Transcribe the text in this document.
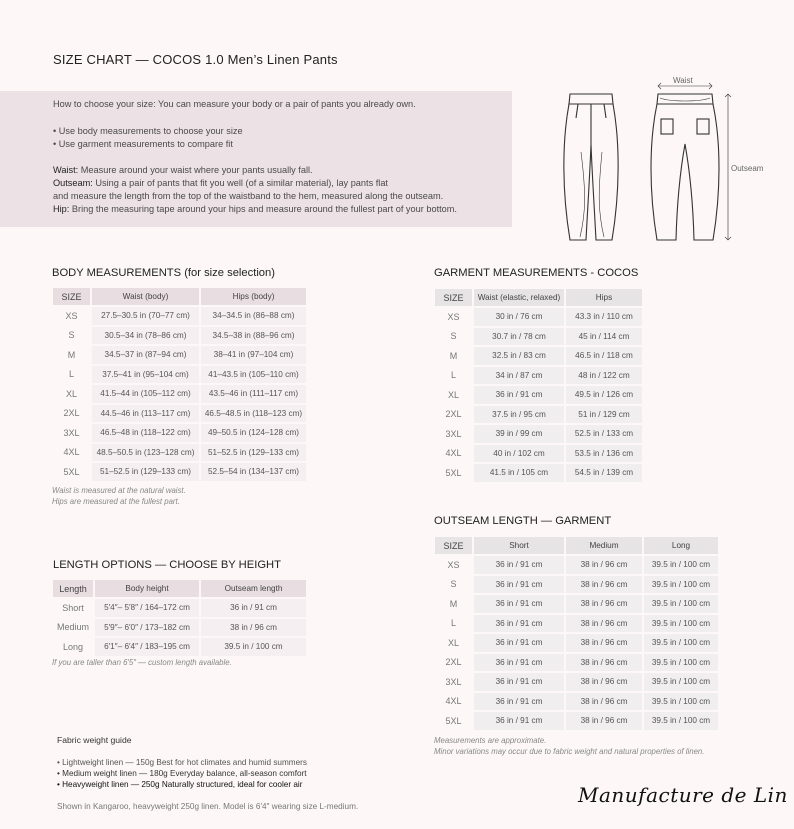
SIZE CHART — COCOS 1.0 Men’s Linen Pants
How to choose your size: You can measure your body or a pair of pants you already own.
• Use body measurements to choose your size
• Use garment measurements to compare fit
Waist: Measure around your waist where your pants usually fall.
Outseam: Using a pair of pants that fit you well (of a similar material), lay pants flat
and measure the length from the top of the waistband to the hem, measured along the outseam.
Hip: Bring the measuring tape around your hips and measure around the fullest part of your bottom.
Waist
Outseam
BODY MEASUREMENTS (for size selection)
SIZE	Waist (body)	Hips (body)
XS	27.5–30.5 in (70–77 cm)	34–34.5 in (86–88 cm)
S	30.5–34 in (78–86 cm)	34.5–38 in (88–96 cm)
M	34.5–37 in (87–94 cm)	38–41 in (97–104 cm)
L	37.5–41 in (95–104 cm)	41–43.5 in (105–110 cm)
XL	41.5–44 in (105–112 cm)	43.5–46 in (111–117 cm)
2XL	44.5–46 in (113–117 cm)	46.5–48.5 in (118–123 cm)
3XL	46.5–48 in (118–122 cm)	49–50.5 in (124–128 cm)
4XL	48.5–50.5 in (123–128 cm)	51–52.5 in (129–133 cm)
5XL	51–52.5 in (129–133 cm)	52.5–54 in (134–137 cm)
Waist is measured at the natural waist.
Hips are measured at the fullest part.
GARMENT MEASUREMENTS - COCOS
SIZE	Waist (elastic, relaxed)	Hips
XS	30 in / 76 cm	43.3 in / 110 cm
S	30.7 in / 78 cm	45 in / 114 cm
M	32.5 in / 83 cm	46.5 in / 118 cm
L	34 in / 87 cm	48 in / 122 cm
XL	36 in / 91 cm	49.5 in / 126 cm
2XL	37.5 in / 95 cm	51 in / 129 cm
3XL	39 in / 99 cm	52.5 in / 133 cm
4XL	40 in / 102 cm	53.5 in / 136 cm
5XL	41.5 in / 105 cm	54.5 in / 139 cm
LENGTH OPTIONS — CHOOSE BY HEIGHT
Length	Body height	Outseam length
Short	5′4″– 5′8″ / 164–172 cm	36 in / 91 cm
Medium	5′9″– 6′0″ / 173–182 cm	38 in / 96 cm
Long	6′1″– 6′4″ / 183–195 cm	39.5 in / 100 cm
If you are taller than 6′5″ — custom length available.
OUTSEAM LENGTH — GARMENT
SIZE	Short	Medium	Long
XS	36 in / 91 cm	38 in / 96 cm	39.5 in / 100 cm
S	36 in / 91 cm	38 in / 96 cm	39.5 in / 100 cm
M	36 in / 91 cm	38 in / 96 cm	39.5 in / 100 cm
L	36 in / 91 cm	38 in / 96 cm	39.5 in / 100 cm
XL	36 in / 91 cm	38 in / 96 cm	39.5 in / 100 cm
2XL	36 in / 91 cm	38 in / 96 cm	39.5 in / 100 cm
3XL	36 in / 91 cm	38 in / 96 cm	39.5 in / 100 cm
4XL	36 in / 91 cm	38 in / 96 cm	39.5 in / 100 cm
5XL	36 in / 91 cm	38 in / 96 cm	39.5 in / 100 cm
Measurements are approximate.
Minor variations may occur due to fabric weight and natural properties of linen.
Fabric weight guide
• Lightweight linen — 150g Best for hot climates and humid summers
• Medium weight linen — 180g Everyday balance, all-season comfort
• Heavyweight linen — 250g Naturally structured, ideal for cooler air
Shown in Kangaroo, heavyweight 250g linen. Model is 6′4″ wearing size L-medium.	Manufacture de Lin
